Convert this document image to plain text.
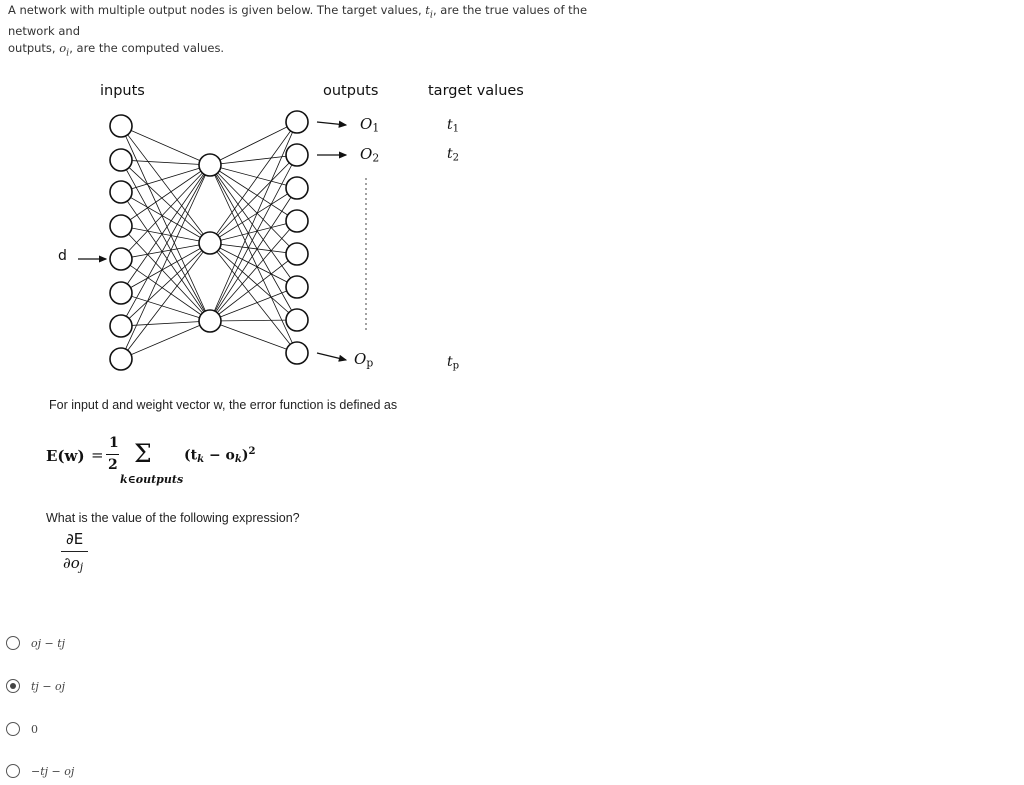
A network with multiple output nodes is given below. The target values, $t_i$, are the true values of the network and
outputs, $o_i$, are the computed values.
inputs	outputs	target values
d
$O_1$
$O_2$
$O_p$
$t_1$
$t_2$
$t_p$
For input d and weight vector w, the error function is defined as
E(w) =
1
2 Σ
k∈outputs
$(t_k - o_k)^2$
What is the value of the following expression?
∂E
$\partial o_j$
oj − tj
tj − oj
0
−tj − oj
